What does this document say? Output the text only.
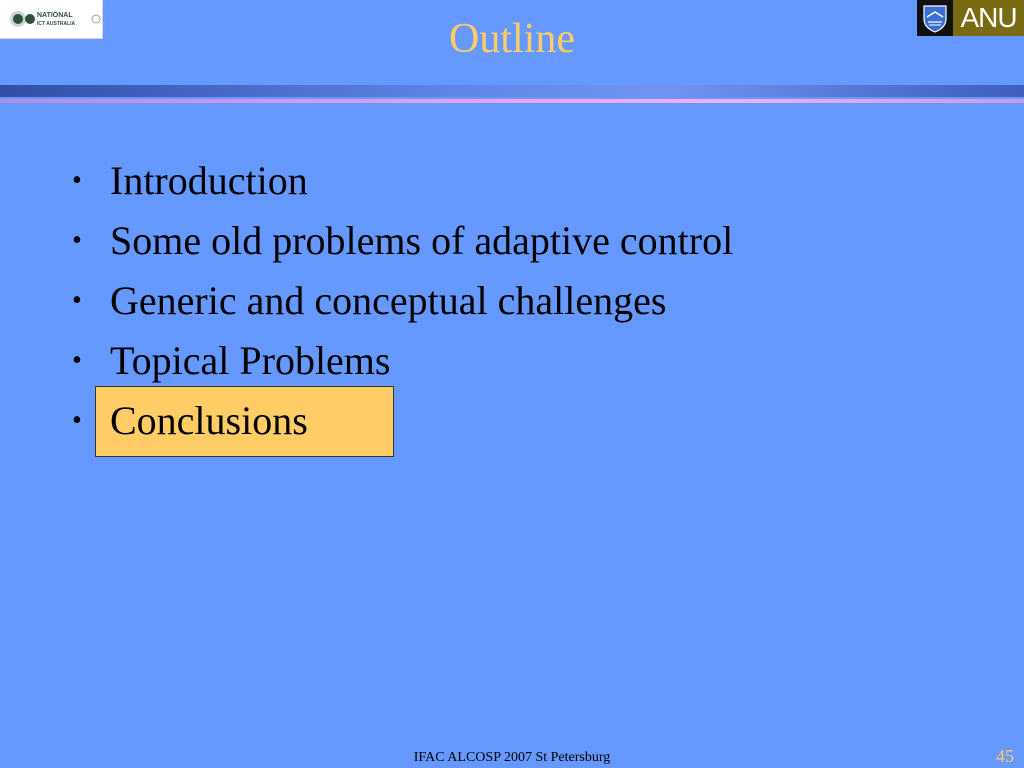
NATIONAL
ICT AUSTRALIA	ANU
Outline
• Introduction
• Some old problems of adaptive control
• Generic and conceptual challenges
• Topical Problems
• Conclusions
IFAC ALCOSP 2007 St Petersburg	45
